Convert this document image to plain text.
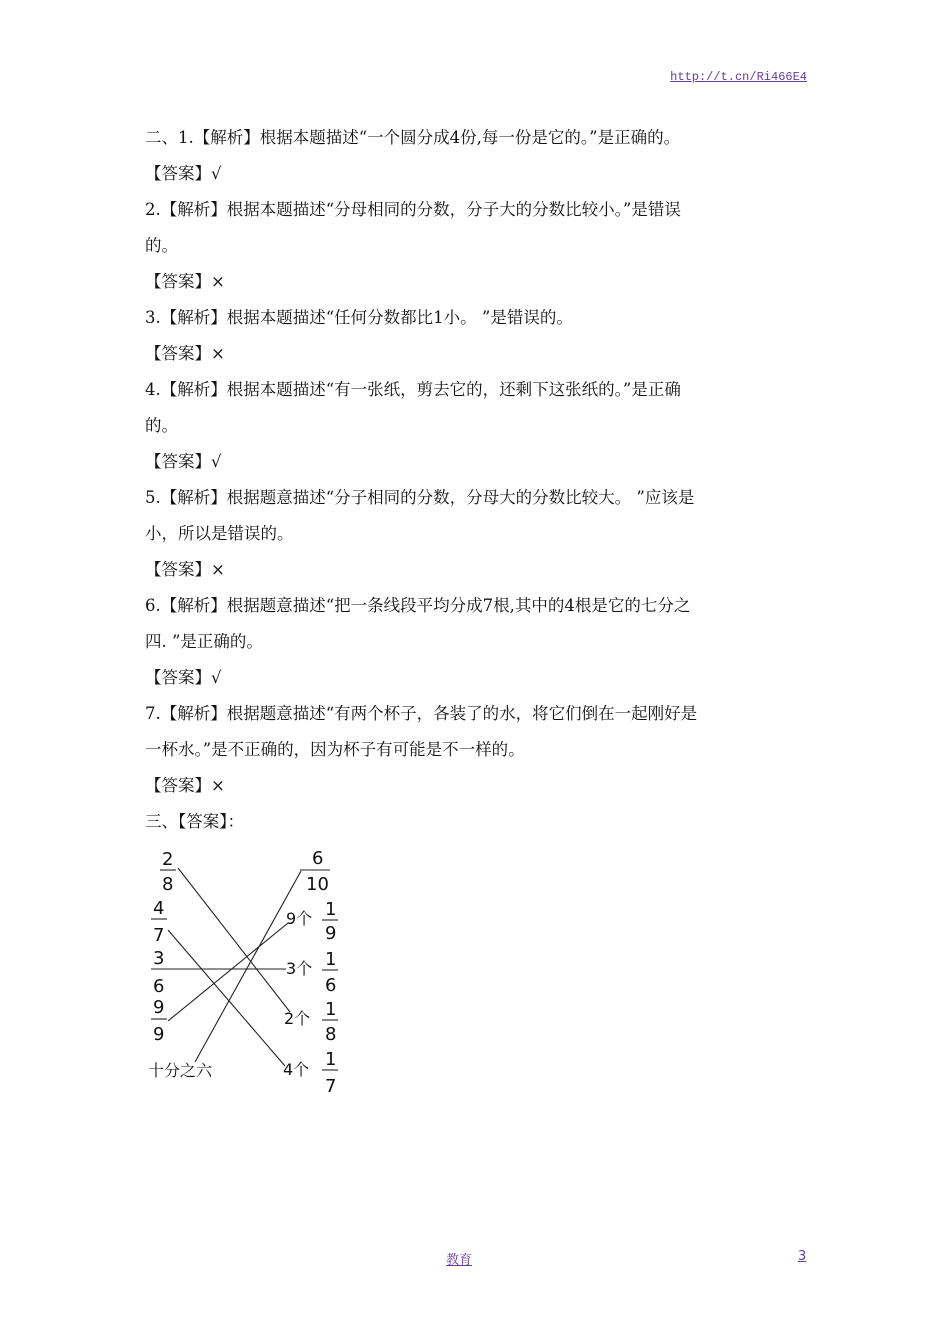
http://t.cn/Ri466E4
二、1.【解析】根据本题描述“一个圆分成4份,每一份是它的。”是正确的。
【答案】√
2.【解析】根据本题描述“分母相同的分数，分子大的分数比较小。”是错误
的。
【答案】×
3.【解析】根据本题描述“任何分数都比1小。 ”是错误的。
【答案】×
4.【解析】根据本题描述“有一张纸，剪去它的，还剩下这张纸的。”是正确
的。
【答案】√
5.【解析】根据题意描述“分子相同的分数，分母大的分数比较大。 ”应该是
小，所以是错误的。
【答案】×
6.【解析】根据题意描述“把一条线段平均分成7根,其中的4根是它的七分之
四. ”是正确的。
【答案】√
7.【解析】根据题意描述“有两个杯子，各装了的水，将它们倒在一起刚好是
一杯水。”是不正确的，因为杯子有可能是不一样的。
【答案】×
三、【答案】：
2
8
4
7
3
6
9
9
十分之六
6
10
9个 1
9
3个 1
6
2个 1
8
4个 1
7
教育	3
